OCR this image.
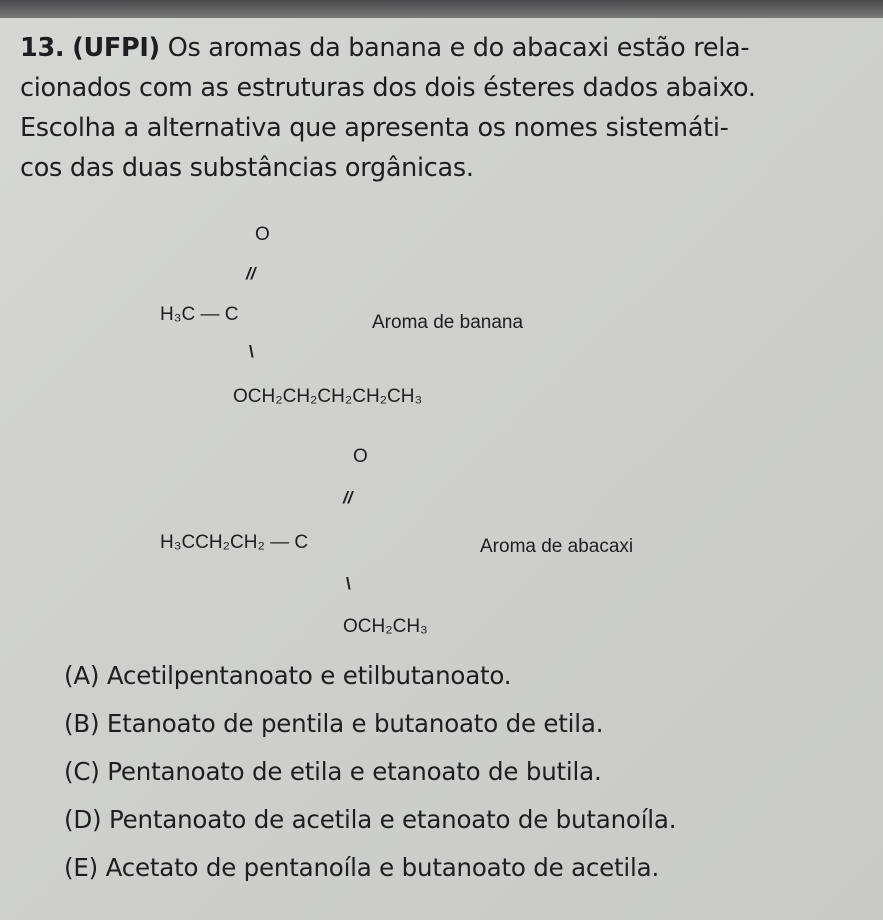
13. (UFPI) Os aromas da banana e do abacaxi estão rela-
cionados com as estruturas dos dois ésteres dados abaixo.
Escolha a alternativa que apresenta os nomes sistemáti-
cos das duas substâncias orgânicas.
O
//
H₃C — C
\
OCH₂CH₂CH₂CH₂CH₃
Aroma de banana
O
//
H₃CCH₂CH₂ — C
\
OCH₂CH₃
Aroma de abacaxi
(A) Acetilpentanoato e etilbutanoato.
(B) Etanoato de pentila e butanoato de etila.
(C) Pentanoato de etila e etanoato de butila.
(D) Pentanoato de acetila e etanoato de butanoíla.
(E) Acetato de pentanoíla e butanoato de acetila.
